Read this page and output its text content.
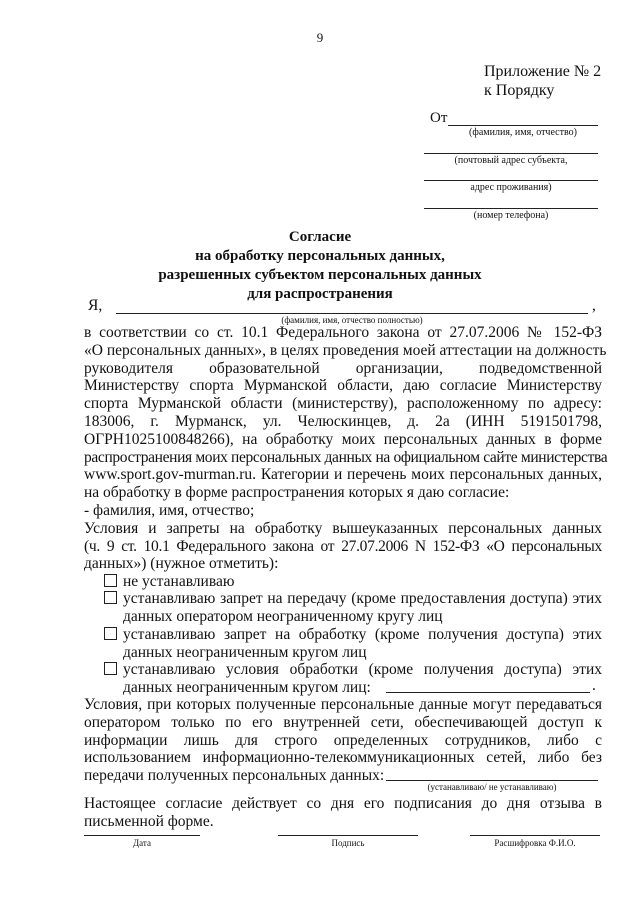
9
Приложение № 2
к Порядку
От
(фамилия, имя, отчество)
(почтовый адрес субъекта,
адрес проживания)
(номер телефона)
Согласие
на обработку персональных данных,
разрешенных субъектом персональных данных
для распространения
Я,	,
(фамилия, имя, отчество полностью)
в соответствии со ст. 10.1 Федерального закона от 27.07.2006 № 152-ФЗ
«О персональных данных», в целях проведения моей аттестации на должность
руководителя образовательной организации, подведомственной
Министерству спорта Мурманской области, даю согласие Министерству
спорта Мурманской области (министерству), расположенному по адресу:
183006, г. Мурманск, ул. Челюскинцев, д. 2а (ИНН 5191501798,
ОГРН1025100848266), на обработку моих персональных данных в форме
распространения моих персональных данных на официальном сайте министерства
www.sport.gov-murman.ru. Категории и перечень моих персональных данных,
на обработку в форме распространения которых я даю согласие:
- фамилия, имя, отчество;
Условия и запреты на обработку вышеуказанных персональных данных
(ч. 9 ст. 10.1 Федерального закона от 27.07.2006 N 152-ФЗ «О персональных
данных») (нужное отметить):
не устанавливаю
устанавливаю запрет на передачу (кроме предоставления доступа) этих
данных оператором неограниченному кругу лиц
устанавливаю запрет на обработку (кроме получения доступа) этих
данных неограниченным кругом лиц
устанавливаю условия обработки (кроме получения доступа) этих
данных неограниченным кругом лиц:	.
Условия, при которых полученные персональные данные могут передаваться
оператором только по его внутренней сети, обеспечивающей доступ к
информации лишь для строго определенных сотрудников, либо с
использованием информационно-телекоммуникационных сетей, либо без
передачи полученных персональных данных:
(устанавливаю/ не устанавливаю)
Настоящее согласие действует со дня его подписания до дня отзыва в
письменной форме.
Дата	Подпись	Расшифровка Ф.И.О.
